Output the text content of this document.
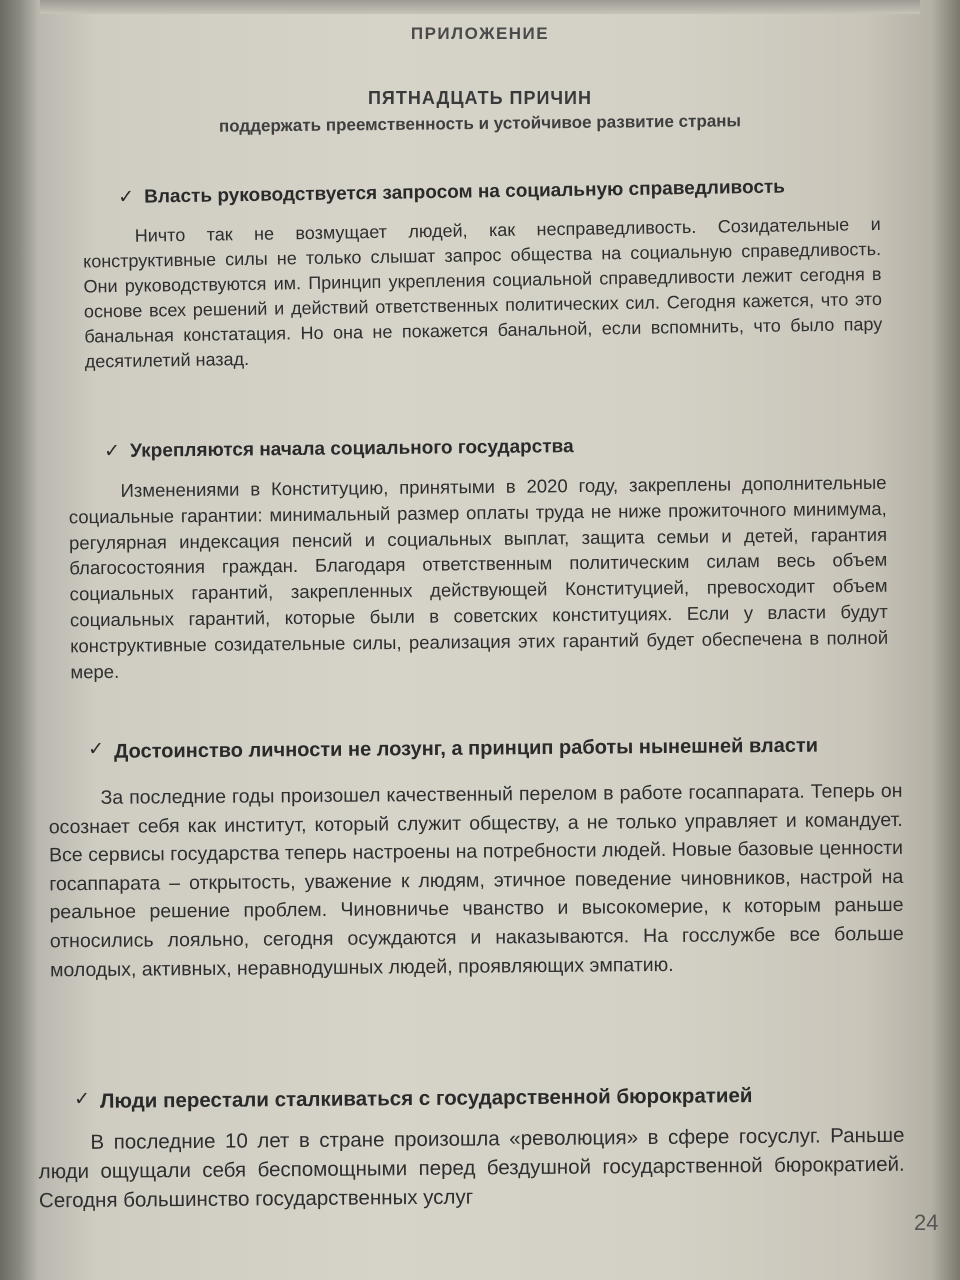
ПРИЛОЖЕНИЕ
ПЯТНАДЦАТЬ ПРИЧИН
поддержать преемственность и устойчивое развитие страны
✓ Власть руководствуется запросом на социальную справедливость
Ничто так не возмущает людей, как несправедливость. Созидательные и конструктивные силы не только слышат запрос общества на социальную справедливость. Они руководствуются им. Принцип укрепления социальной справедливости лежит сегодня в основе всех решений и действий ответственных политических сил. Сегодня кажется, что это банальная констатация. Но она не покажется банальной, если вспомнить, что было пару десятилетий назад.
✓ Укрепляются начала социального государства
Изменениями в Конституцию, принятыми в 2020 году, закреплены дополнительные социальные гарантии: минимальный размер оплаты труда не ниже прожиточного минимума, регулярная индексация пенсий и социальных выплат, защита семьи и детей, гарантия благосостояния граждан. Благодаря ответственным политическим силам весь объем социальных гарантий, закрепленных действующей Конституцией, превосходит объем социальных гарантий, которые были в советских конституциях. Если у власти будут конструктивные созидательные силы, реализация этих гарантий будет обеспечена в полной мере.
✓ Достоинство личности не лозунг, а принцип работы нынешней власти
За последние годы произошел качественный перелом в работе госаппарата. Теперь он осознает себя как институт, который служит обществу, а не только управляет и командует. Все сервисы государства теперь настроены на потребности людей. Новые базовые ценности госаппарата – открытость, уважение к людям, этичное поведение чиновников, настрой на реальное решение проблем. Чиновничье чванство и высокомерие, к которым раньше относились лояльно, сегодня осуждаются и наказываются. На госслужбе все больше молодых, активных, неравнодушных людей, проявляющих эмпатию.
✓ Люди перестали сталкиваться с государственной бюрократией
В последние 10 лет в стране произошла «революция» в сфере госуслуг. Раньше люди ощущали себя беспомощными перед бездушной государственной бюрократией. Сегодня большинство государственных услуг
24
